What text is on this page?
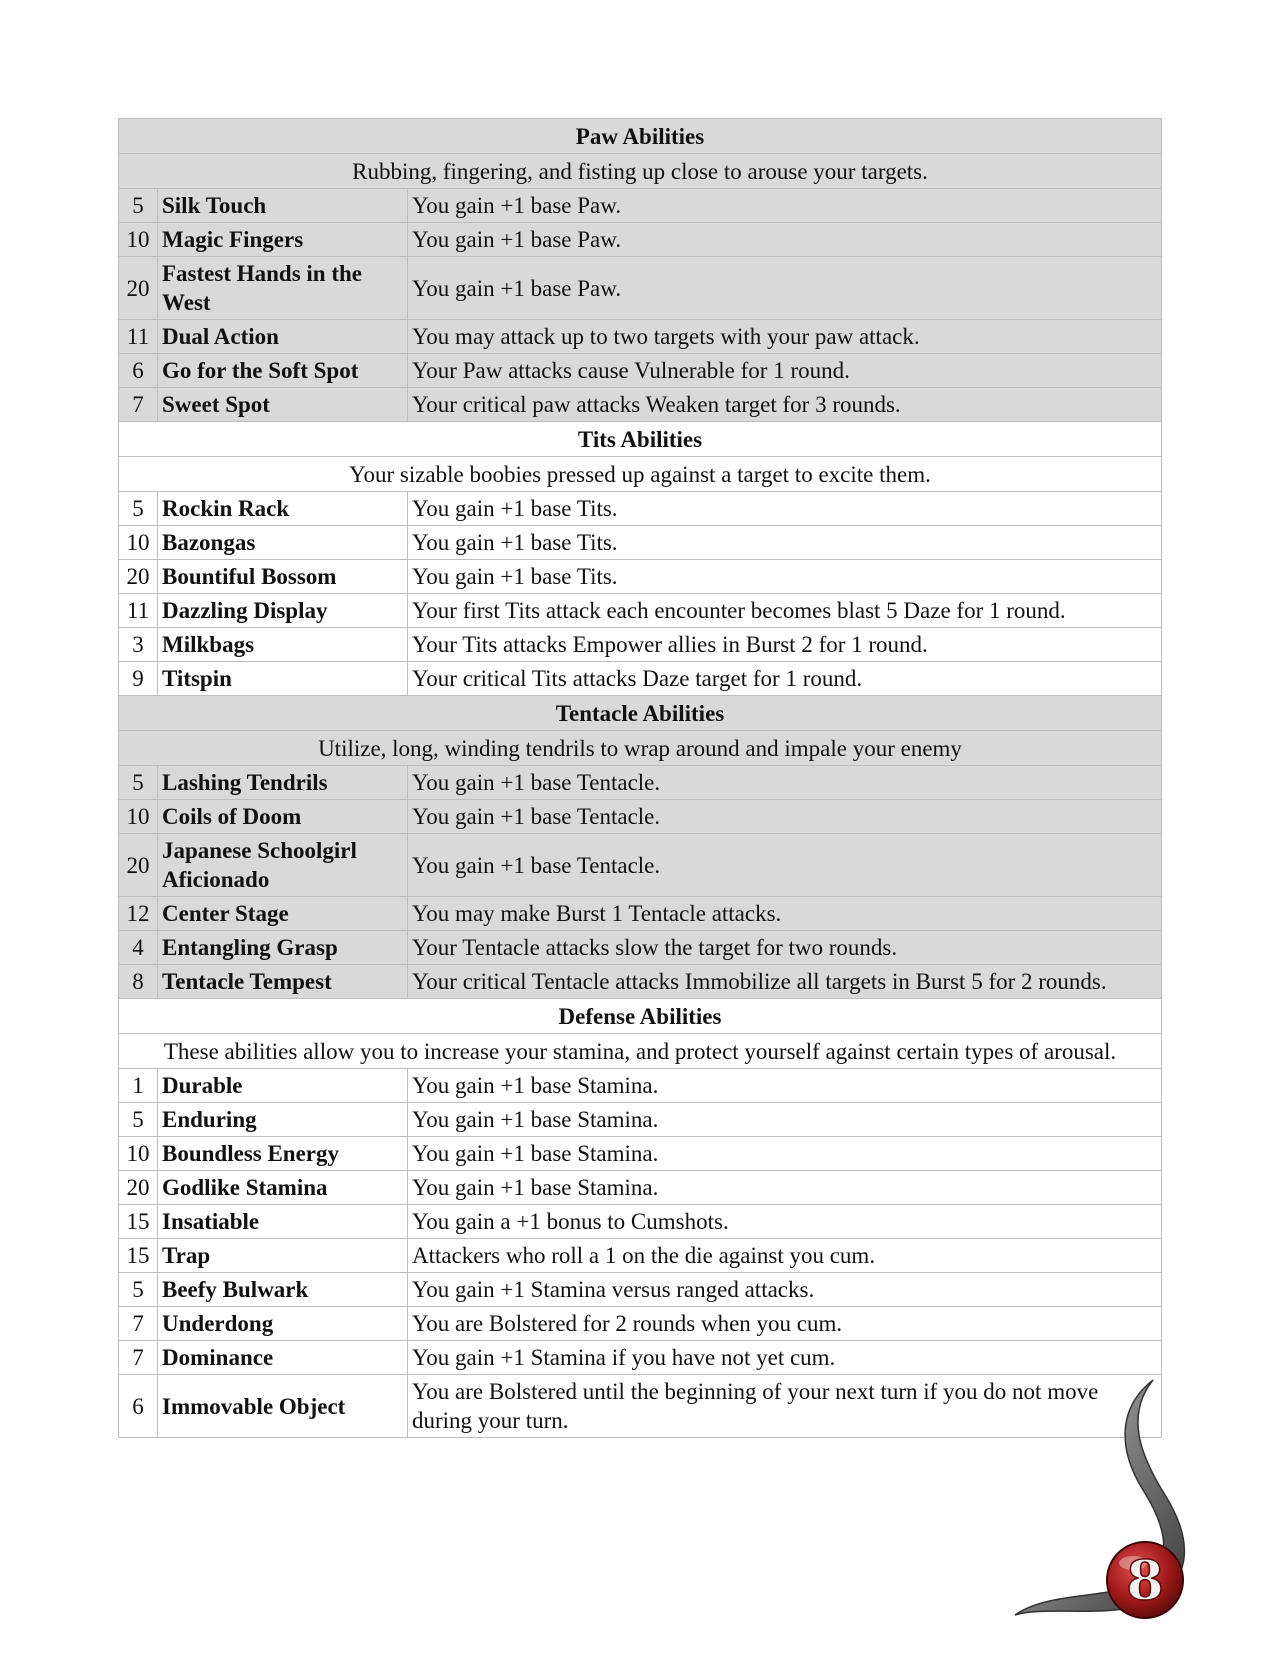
Paw Abilities		
Rubbing, fingering, and fisting up close to arouse your targets.		
5	Silk Touch	You gain +1 base Paw.
10	Magic Fingers	You gain +1 base Paw.
20	Fastest Hands in the West	You gain +1 base Paw.
11	Dual Action	You may attack up to two targets with your paw attack.
6	Go for the Soft Spot	Your Paw attacks cause Vulnerable for 1 round.
7	Sweet Spot	Your critical paw attacks Weaken target for 3 rounds.
Tits Abilities		
Your sizable boobies pressed up against a target to excite them.		
5	Rockin Rack	You gain +1 base Tits.
10	Bazongas	You gain +1 base Tits.
20	Bountiful Bossom	You gain +1 base Tits.
11	Dazzling Display	Your first Tits attack each encounter becomes blast 5 Daze for 1 round.
3	Milkbags	Your Tits attacks Empower allies in Burst 2 for 1 round.
9	Titspin	Your critical Tits attacks Daze target for 1 round.
Tentacle Abilities		
Utilize, long, winding tendrils to wrap around and impale your enemy		
5	Lashing Tendrils	You gain +1 base Tentacle.
10	Coils of Doom	You gain +1 base Tentacle.
20	Japanese Schoolgirl Aficionado	You gain +1 base Tentacle.
12	Center Stage	You may make Burst 1 Tentacle attacks.
4	Entangling Grasp	Your Tentacle attacks slow the target for two rounds.
8	Tentacle Tempest	Your critical Tentacle attacks Immobilize all targets in Burst 5 for 2 rounds.
Defense Abilities		
These abilities allow you to increase your stamina, and protect yourself against certain types of arousal.		
1	Durable	You gain +1 base Stamina.
5	Enduring	You gain +1 base Stamina.
10	Boundless Energy	You gain +1 base Stamina.
20	Godlike Stamina	You gain +1 base Stamina.
15	Insatiable	You gain a +1 bonus to Cumshots.
15	Trap	Attackers who roll a 1 on the die against you cum.
5	Beefy Bulwark	You gain +1 Stamina versus ranged attacks.
7	Underdong	You are Bolstered for 2 rounds when you cum.
7	Dominance	You gain +1 Stamina if you have not yet cum.
6	Immovable Object	You are Bolstered until the beginning of your next turn if you do not move during your turn.
8
